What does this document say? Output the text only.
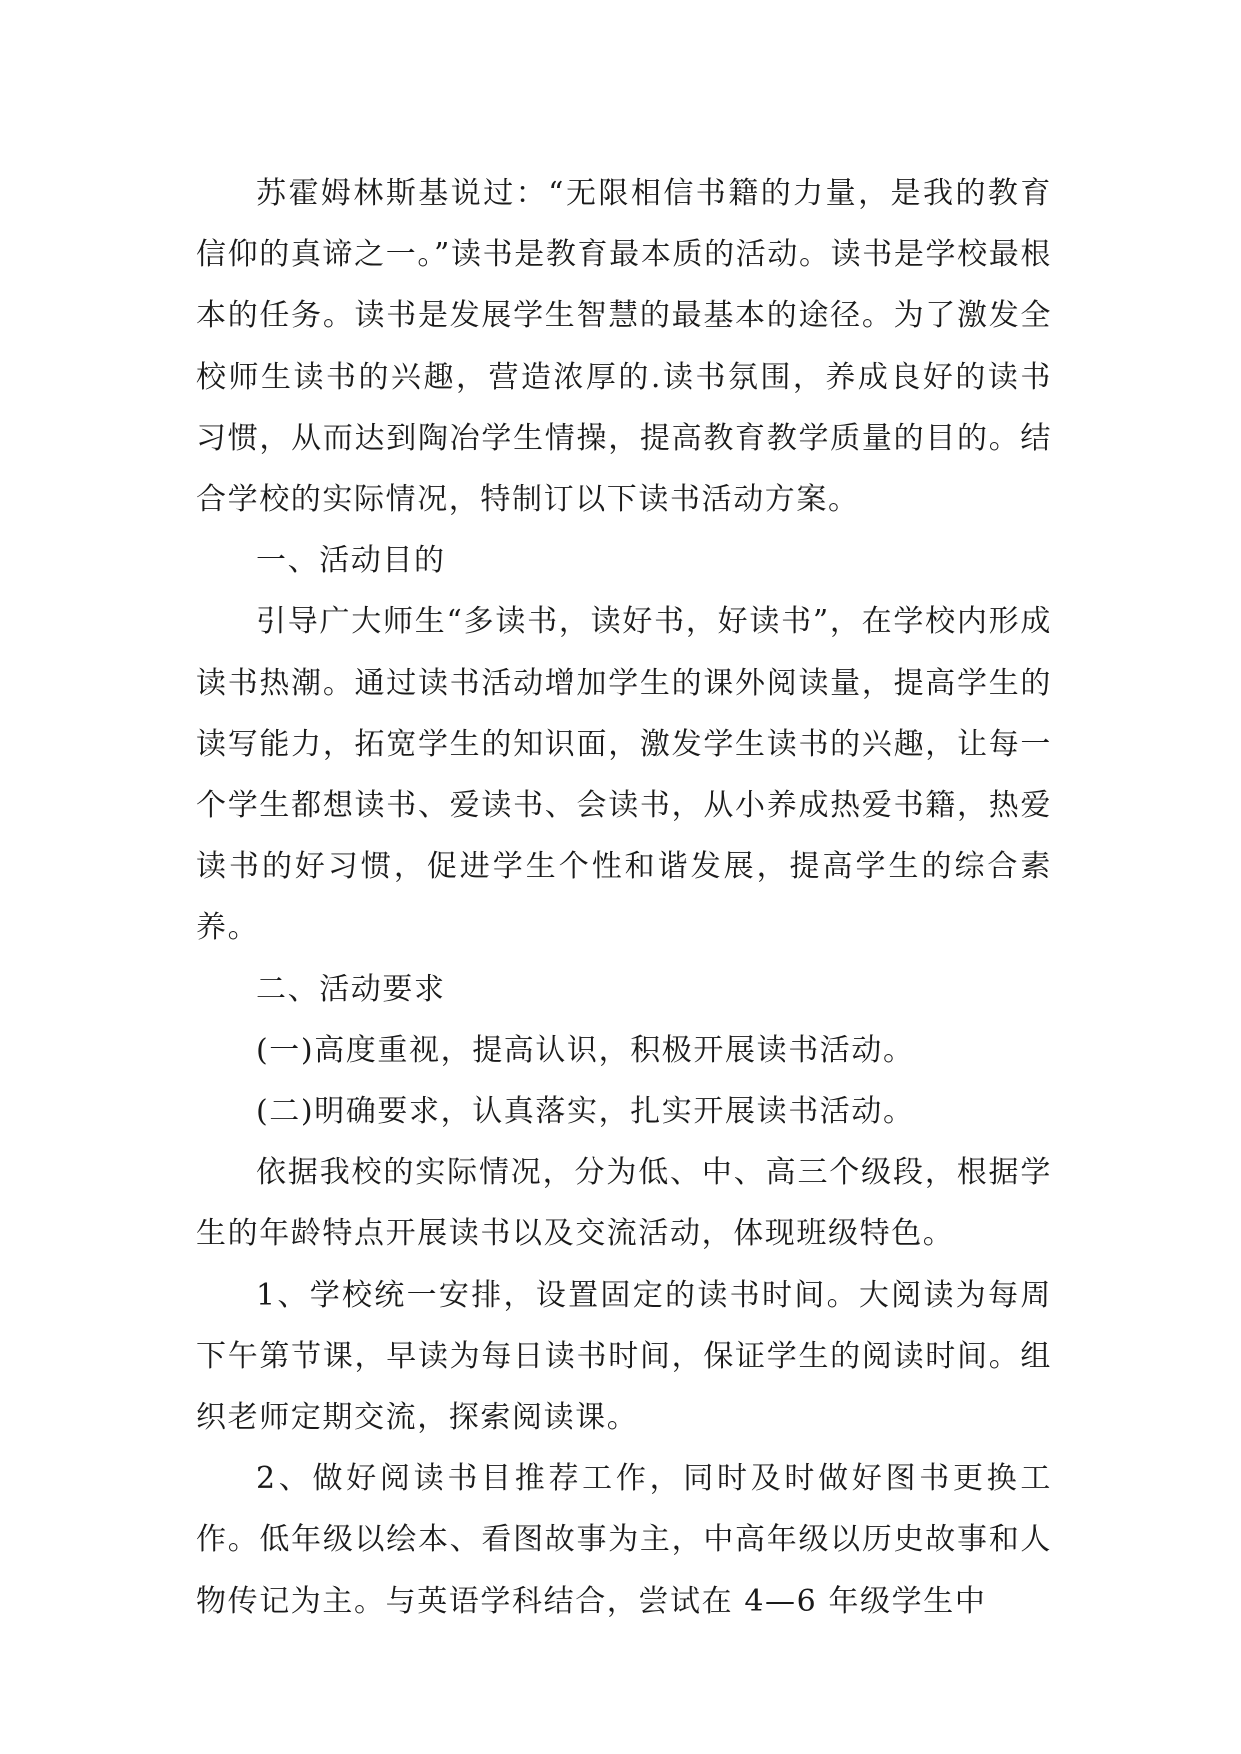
苏霍姆林斯基说过：“无限相信书籍的力量，是我的教育信仰的真谛之一。”读书是教育最本质的活动。读书是学校最根本的任务。读书是发展学生智慧的最基本的途径。为了激发全校师生读书的兴趣，营造浓厚的.读书氛围，养成良好的读书习惯，从而达到陶冶学生情操，提高教育教学质量的目的。结合学校的实际情况，特制订以下读书活动方案。

一、活动目的

引导广大师生“多读书，读好书，好读书”，在学校内形成读书热潮。通过读书活动增加学生的课外阅读量，提高学生的读写能力，拓宽学生的知识面，激发学生读书的兴趣，让每一个学生都想读书、爱读书、会读书，从小养成热爱书籍，热爱读书的好习惯，促进学生个性和谐发展，提高学生的综合素养。

二、活动要求

(一)高度重视，提高认识，积极开展读书活动。

(二)明确要求，认真落实，扎实开展读书活动。

依据我校的实际情况，分为低、中、高三个级段，根据学生的年龄特点开展读书以及交流活动，体现班级特色。

1、学校统一安排，设置固定的读书时间。大阅读为每周下午第节课，早读为每日读书时间，保证学生的阅读时间。组织老师定期交流，探索阅读课。

2、做好阅读书目推荐工作，同时及时做好图书更换工作。低年级以绘本、看图故事为主，中高年级以历史故事和人物传记为主。与英语学科结合，尝试在 4—6 年级学生中
